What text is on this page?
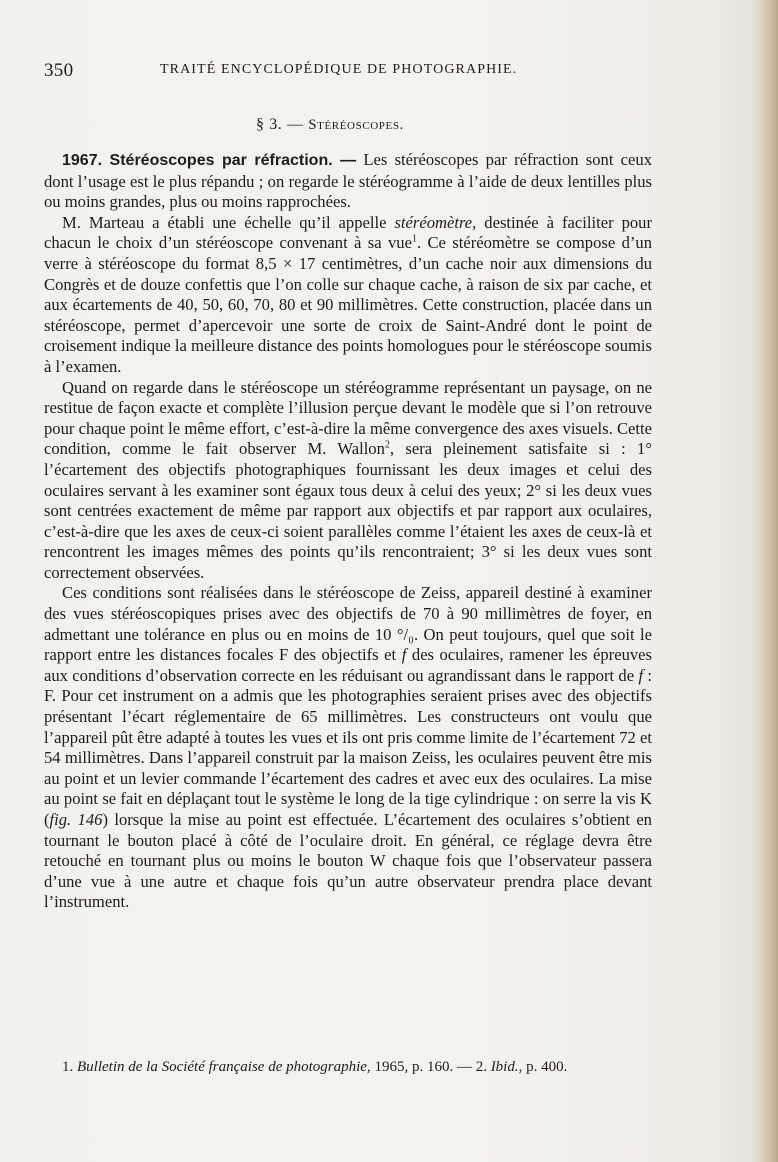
350	TRAITÉ ENCYCLOPÉDIQUE DE PHOTOGRAPHIE.
§ 3. — Stéréoscopes.

1967. Stéréoscopes par réfraction. — Les stéréoscopes par réfraction sont ceux dont l’usage est le plus répandu ; on regarde le stéréogramme à l’aide de deux lentilles plus ou moins grandes, plus ou moins rapprochées.

M. Marteau a établi une échelle qu’il appelle stéréomètre, destinée à faciliter pour chacun le choix d’un stéréoscope convenant à sa vue$^1$. Ce stéréomètre se compose d’un verre à stéréoscope du format 8,5 × 17 centimètres, d’un cache noir aux dimensions du Congrès et de douze confettis que l’on colle sur chaque cache, à raison de six par cache, et aux écartements de 40, 50, 60, 70, 80 et 90 millimètres. Cette construction, placée dans un stéréoscope, permet d’apercevoir une sorte de croix de Saint-André dont le point de croisement indique la meilleure distance des points homologues pour le stéréoscope soumis à l’examen.

Quand on regarde dans le stéréoscope un stéréogramme représentant un paysage, on ne restitue de façon exacte et complète l’illusion perçue devant le modèle que si l’on retrouve pour chaque point le même effort, c’est-à-dire la même convergence des axes visuels. Cette condition, comme le fait observer M. Wallon$^2$, sera pleinement satisfaite si : 1° l’écartement des objectifs photographiques fournissant les deux images et celui des oculaires servant à les examiner sont égaux tous deux à celui des yeux; 2° si les deux vues sont centrées exactement de même par rapport aux objectifs et par rapport aux oculaires, c’est-à-dire que les axes de ceux-ci soient parallèles comme l’étaient les axes de ceux-là et rencontrent les images mêmes des points qu’ils rencontraient; 3° si les deux vues sont correctement observées.

Ces conditions sont réalisées dans le stéréoscope de Zeiss, appareil destiné à examiner des vues stéréoscopiques prises avec des objectifs de 70 à 90 millimètres de foyer, en admettant une tolérance en plus ou en moins de 10 °/₀. On peut toujours, quel que soit le rapport entre les distances focales F des objectifs et f des oculaires, ramener les épreuves aux conditions d’observation correcte en les réduisant ou agrandissant dans le rapport de f : F. Pour cet instrument on a admis que les photographies seraient prises avec des objectifs présentant l’écart réglementaire de 65 millimètres. Les constructeurs ont voulu que l’appareil pût être adapté à toutes les vues et ils ont pris comme limite de l’écartement 72 et 54 millimètres. Dans l’appareil construit par la maison Zeiss, les oculaires peuvent être mis au point et un levier commande l’écartement des cadres et avec eux des oculaires. La mise au point se fait en déplaçant tout le système le long de la tige cylindrique : on serre la vis K (fig. 146) lorsque la mise au point est effectuée. L’écartement des oculaires s’obtient en tournant le bouton placé à côté de l’oculaire droit. En général, ce réglage devra être retouché en tournant plus ou moins le bouton W chaque fois que l’observateur passera d’une vue à une autre et chaque fois qu’un autre observateur prendra place devant l’instrument.

1. Bulletin de la Société française de photographie, 1965, p. 160. — 2. Ibid., p. 400.
